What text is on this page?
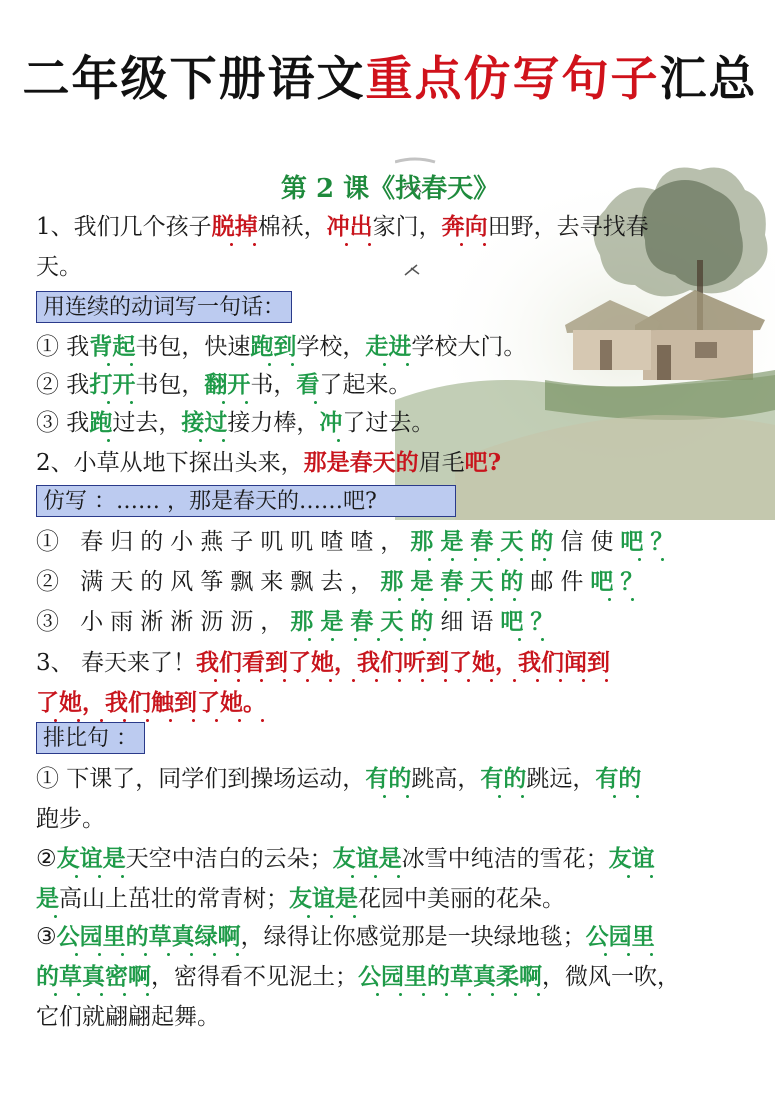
二年级下册语文重点仿写句子汇总
第 2 课《找春天》
1、我们几个孩子脱掉棉袄，冲出家门，奔向田野，去寻找春
天。
用连续的动词写一句话：
① 我背起书包，快速跑到学校，走进学校大门。
② 我打开书包，翻开书，看了起来。
③ 我跑过去，接过接力棒，冲了过去。
2、小草从地下探出头来，那是春天的眉毛吧?
仿写 ：…… ，那是春天的……吧?
① 春归的小燕子叽叽喳喳，那是春天的信使吧？
② 满天的风筝飘来飘去，那是春天的邮件吧？
③ 小雨淅淅沥沥，那是春天的细语吧？
3、 春天来了！我们看到了她，我们听到了她，我们闻到
了她，我们触到了她。
排比句 ：
① 下课了，同学们到操场运动，有的跳高，有的跳远，有的
跑步。
②友谊是天空中洁白的云朵；友谊是冰雪中纯洁的雪花；友谊
是高山上茁壮的常青树；友谊是花园中美丽的花朵。
③公园里的草真绿啊，绿得让你感觉那是一块绿地毯；公园里
的草真密啊，密得看不见泥土；公园里的草真柔啊，微风一吹，
它们就翩翩起舞。
